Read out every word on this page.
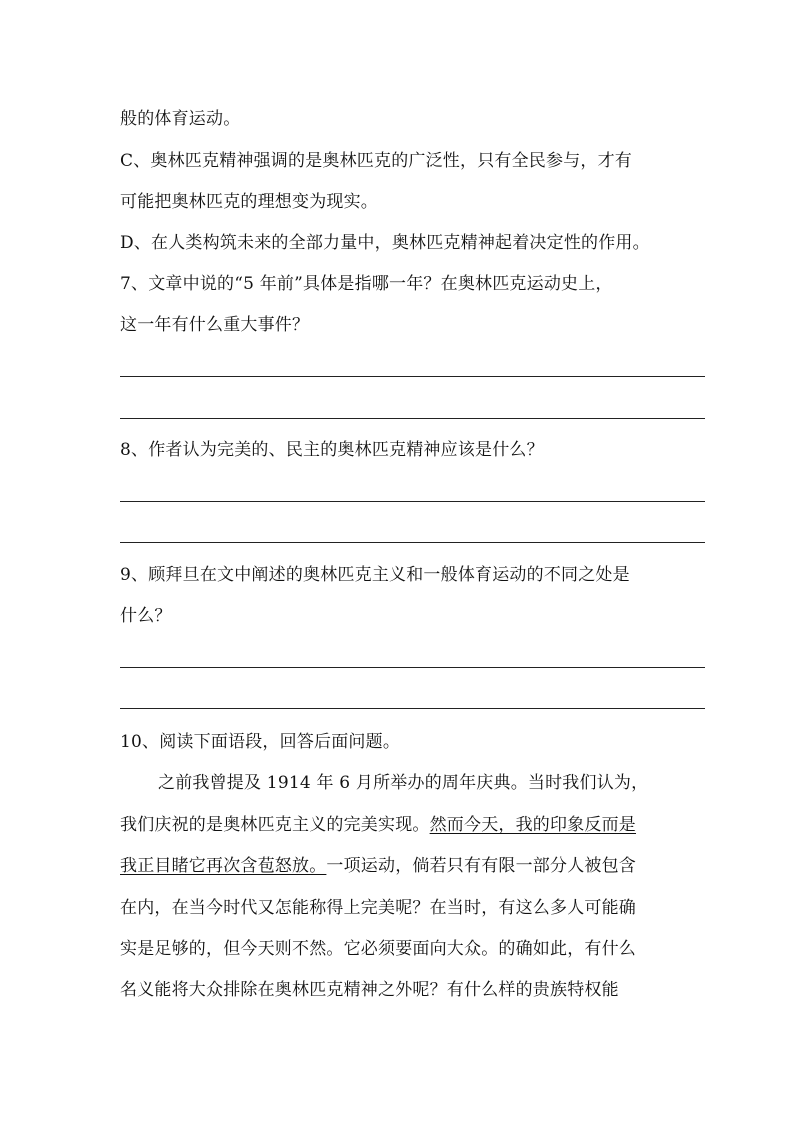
般的体育运动。
C、奥林匹克精神强调的是奥林匹克的广泛性，只有全民参与，才有
可能把奥林匹克的理想变为现实。
D、在人类构筑未来的全部力量中，奥林匹克精神起着决定性的作用。
7、文章中说的“5 年前”具体是指哪一年？在奥林匹克运动史上，
这一年有什么重大事件？
8、作者认为完美的、民主的奥林匹克精神应该是什么？
9、顾拜旦在文中阐述的奥林匹克主义和一般体育运动的不同之处是
什么？
10、阅读下面语段，回答后面问题。
之前我曾提及 1914 年 6 月所举办的周年庆典。当时我们认为，
我们庆祝的是奥林匹克主义的完美实现。然而今天，我的印象反而是
我正目睹它再次含苞怒放。一项运动，倘若只有有限一部分人被包含
在内，在当今时代又怎能称得上完美呢？在当时，有这么多人可能确
实是足够的，但今天则不然。它必须要面向大众。的确如此，有什么
名义能将大众排除在奥林匹克精神之外呢？有什么样的贵族特权能
